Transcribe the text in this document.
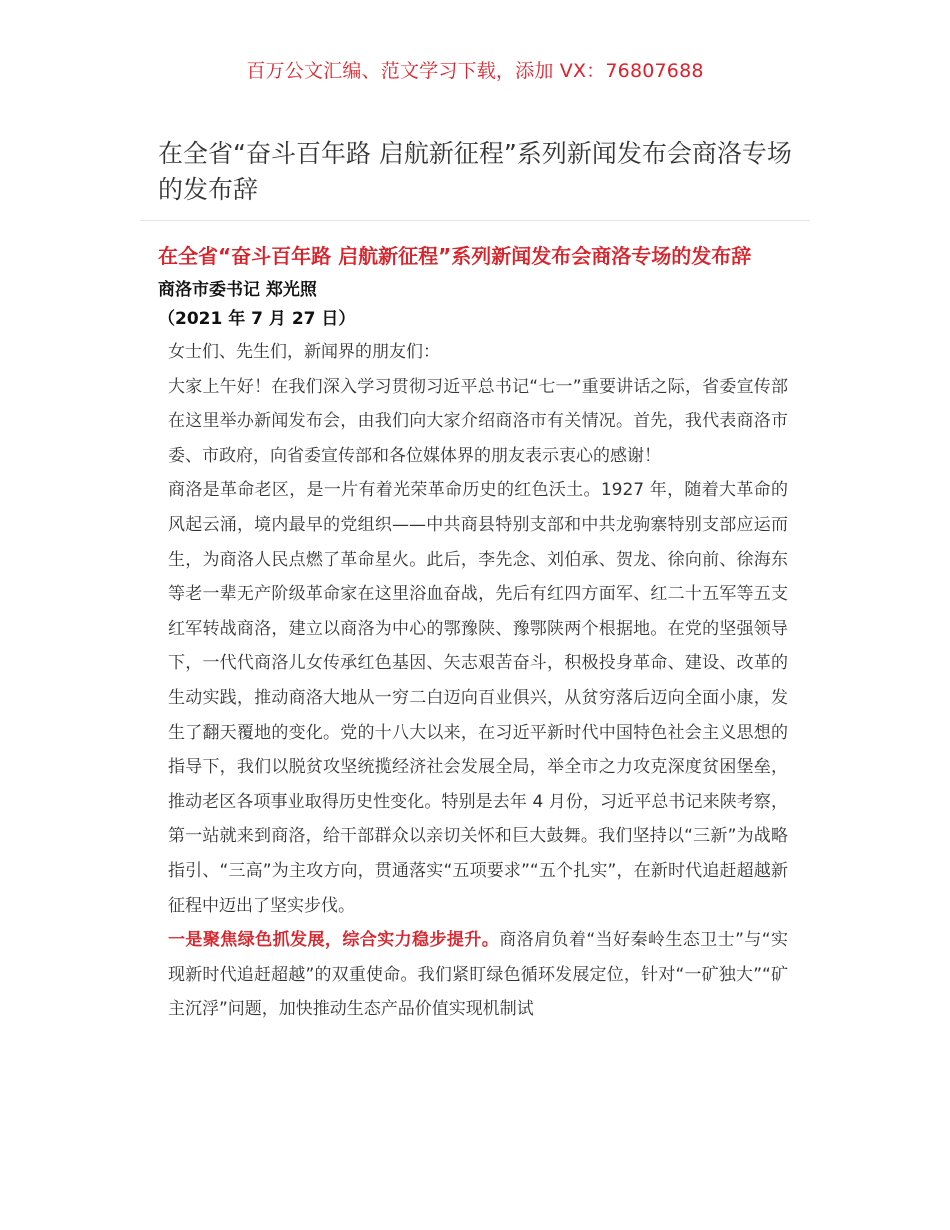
百万公文汇编、范文学习下载，添加 VX：76807688
在全省“奋斗百年路 启航新征程”系列新闻发布会商洛专场的发布辞
在全省“奋斗百年路 启航新征程”系列新闻发布会商洛专场的发布辞

商洛市委书记 郑光照

（2021 年 7 月 27 日）

女士们、先生们，新闻界的朋友们：

大家上午好！在我们深入学习贯彻习近平总书记“七一”重要讲话之际，省委宣传部在这里举办新闻发布会，由我们向大家介绍商洛市有关情况。首先，我代表商洛市委、市政府，向省委宣传部和各位媒体界的朋友表示衷心的感谢！

商洛是革命老区，是一片有着光荣革命历史的红色沃土。1927 年，随着大革命的风起云涌，境内最早的党组织——中共商县特别支部和中共龙驹寨特别支部应运而生，为商洛人民点燃了革命星火。此后，李先念、刘伯承、贺龙、徐向前、徐海东等老一辈无产阶级革命家在这里浴血奋战，先后有红四方面军、红二十五军等五支红军转战商洛，建立以商洛为中心的鄂豫陕、豫鄂陕两个根据地。在党的坚强领导下，一代代商洛儿女传承红色基因、矢志艰苦奋斗，积极投身革命、建设、改革的生动实践，推动商洛大地从一穷二白迈向百业俱兴，从贫穷落后迈向全面小康，发生了翻天覆地的变化。党的十八大以来，在习近平新时代中国特色社会主义思想的指导下，我们以脱贫攻坚统揽经济社会发展全局，举全市之力攻克深度贫困堡垒，推动老区各项事业取得历史性变化。特别是去年 4 月份，习近平总书记来陕考察，第一站就来到商洛，给干部群众以亲切关怀和巨大鼓舞。我们坚持以“三新”为战略指引、“三高”为主攻方向，贯通落实“五项要求”“五个扎实”，在新时代追赶超越新征程中迈出了坚实步伐。

一是聚焦绿色抓发展，综合实力稳步提升。商洛肩负着“当好秦岭生态卫士”与“实现新时代追赶超越”的双重使命。我们紧盯绿色循环发展定位，针对“一矿独大”“矿主沉浮”问题，加快推动生态产品价值实现机制试
